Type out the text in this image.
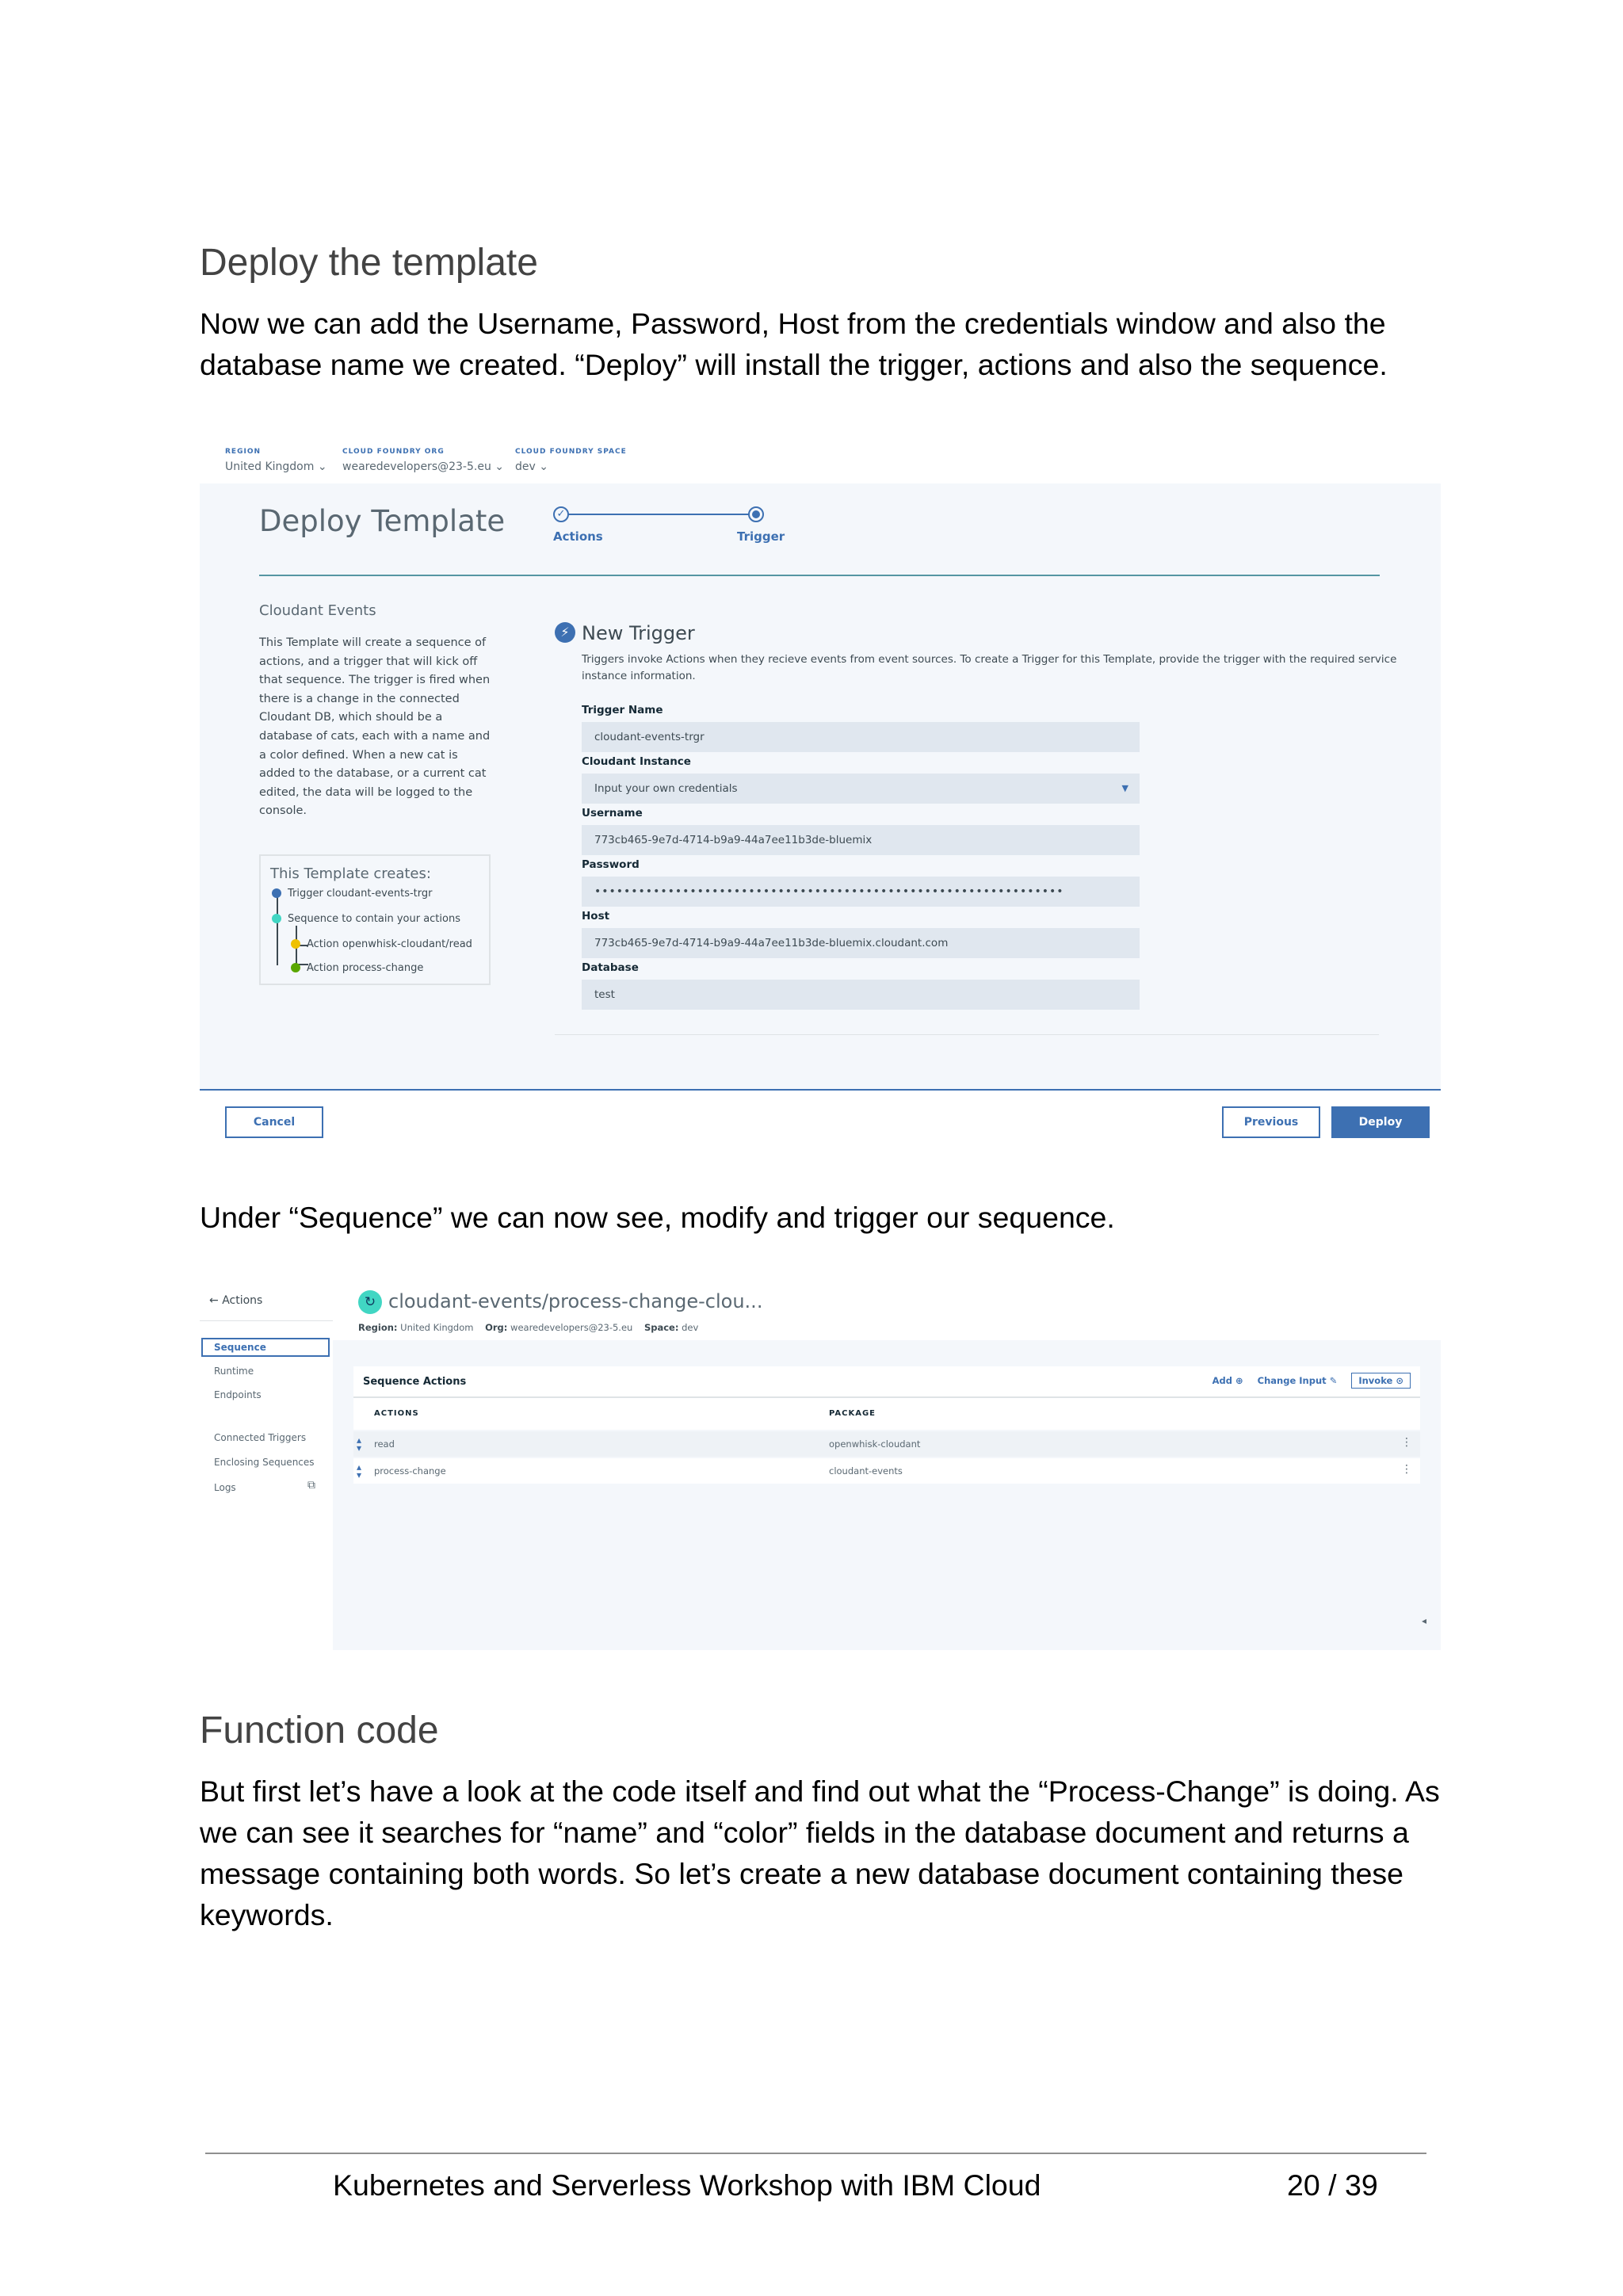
Deploy the template

Now we can add the Username, Password, Host from the credentials window and also the database name we created. “Deploy” will install the trigger, actions and also the sequence.

REGION
United Kingdom ⌄
CLOUD FOUNDRY ORG
wearedevelopers@23-5.eu ⌄
CLOUD FOUNDRY SPACE
dev ⌄
Deploy Template	✓
Actions	Trigger
Cloudant Events
This Template will create a sequence of actions, and a trigger that will kick off that sequence. The trigger is fired when there is a change in the connected Cloudant DB, which should be a database of cats, each with a name and a color defined. When a new cat is added to the database, or a current cat edited, the data will be logged to the console.
This Template creates:
Trigger cloudant-events-trgr
Sequence to contain your actions
Action openwhisk-cloudant/read
Action process-change
⚡ New Trigger
Triggers invoke Actions when they recieve events from event sources. To create a Trigger for this Template, provide the trigger with the required service instance information.
Trigger Name
cloudant-events-trgr
Cloudant Instance
Input your own credentials	▼
Username
773cb465-9e7d-4714-b9a9-44a7ee11b3de-bluemix
Password
••••••••••••••••••••••••••••••••••••••••••••••••••••••••••••••••
Host
773cb465-9e7d-4714-b9a9-44a7ee11b3de-bluemix.cloudant.com
Database
test
Cancel	Previous	Deploy

Under “Sequence” we can now see, modify and trigger our sequence.

← Actions
Sequence
Runtime
Endpoints
Connected Triggers
Enclosing Sequences
Logs	⧉
↻ cloudant-events/process-change-clou...
Region: United Kingdom Org: wearedevelopers@23-5.eu Space: dev
Sequence Actions	Add ⊕ Change Input ✎ Invoke ⊙
ACTIONS	PACKAGE
▴
▾ read	openwhisk-cloudant	⋮
▴
▾ process-change	cloudant-events	⋮
◂
Function code

But first let’s have a look at the code itself and find out what the “Process-Change” is doing. As we can see it searches for “name” and “color” fields in the database document and returns a message containing both words. So let’s create a new database document containing these keywords.

Kubernetes and Serverless Workshop with IBM Cloud	20 / 39
